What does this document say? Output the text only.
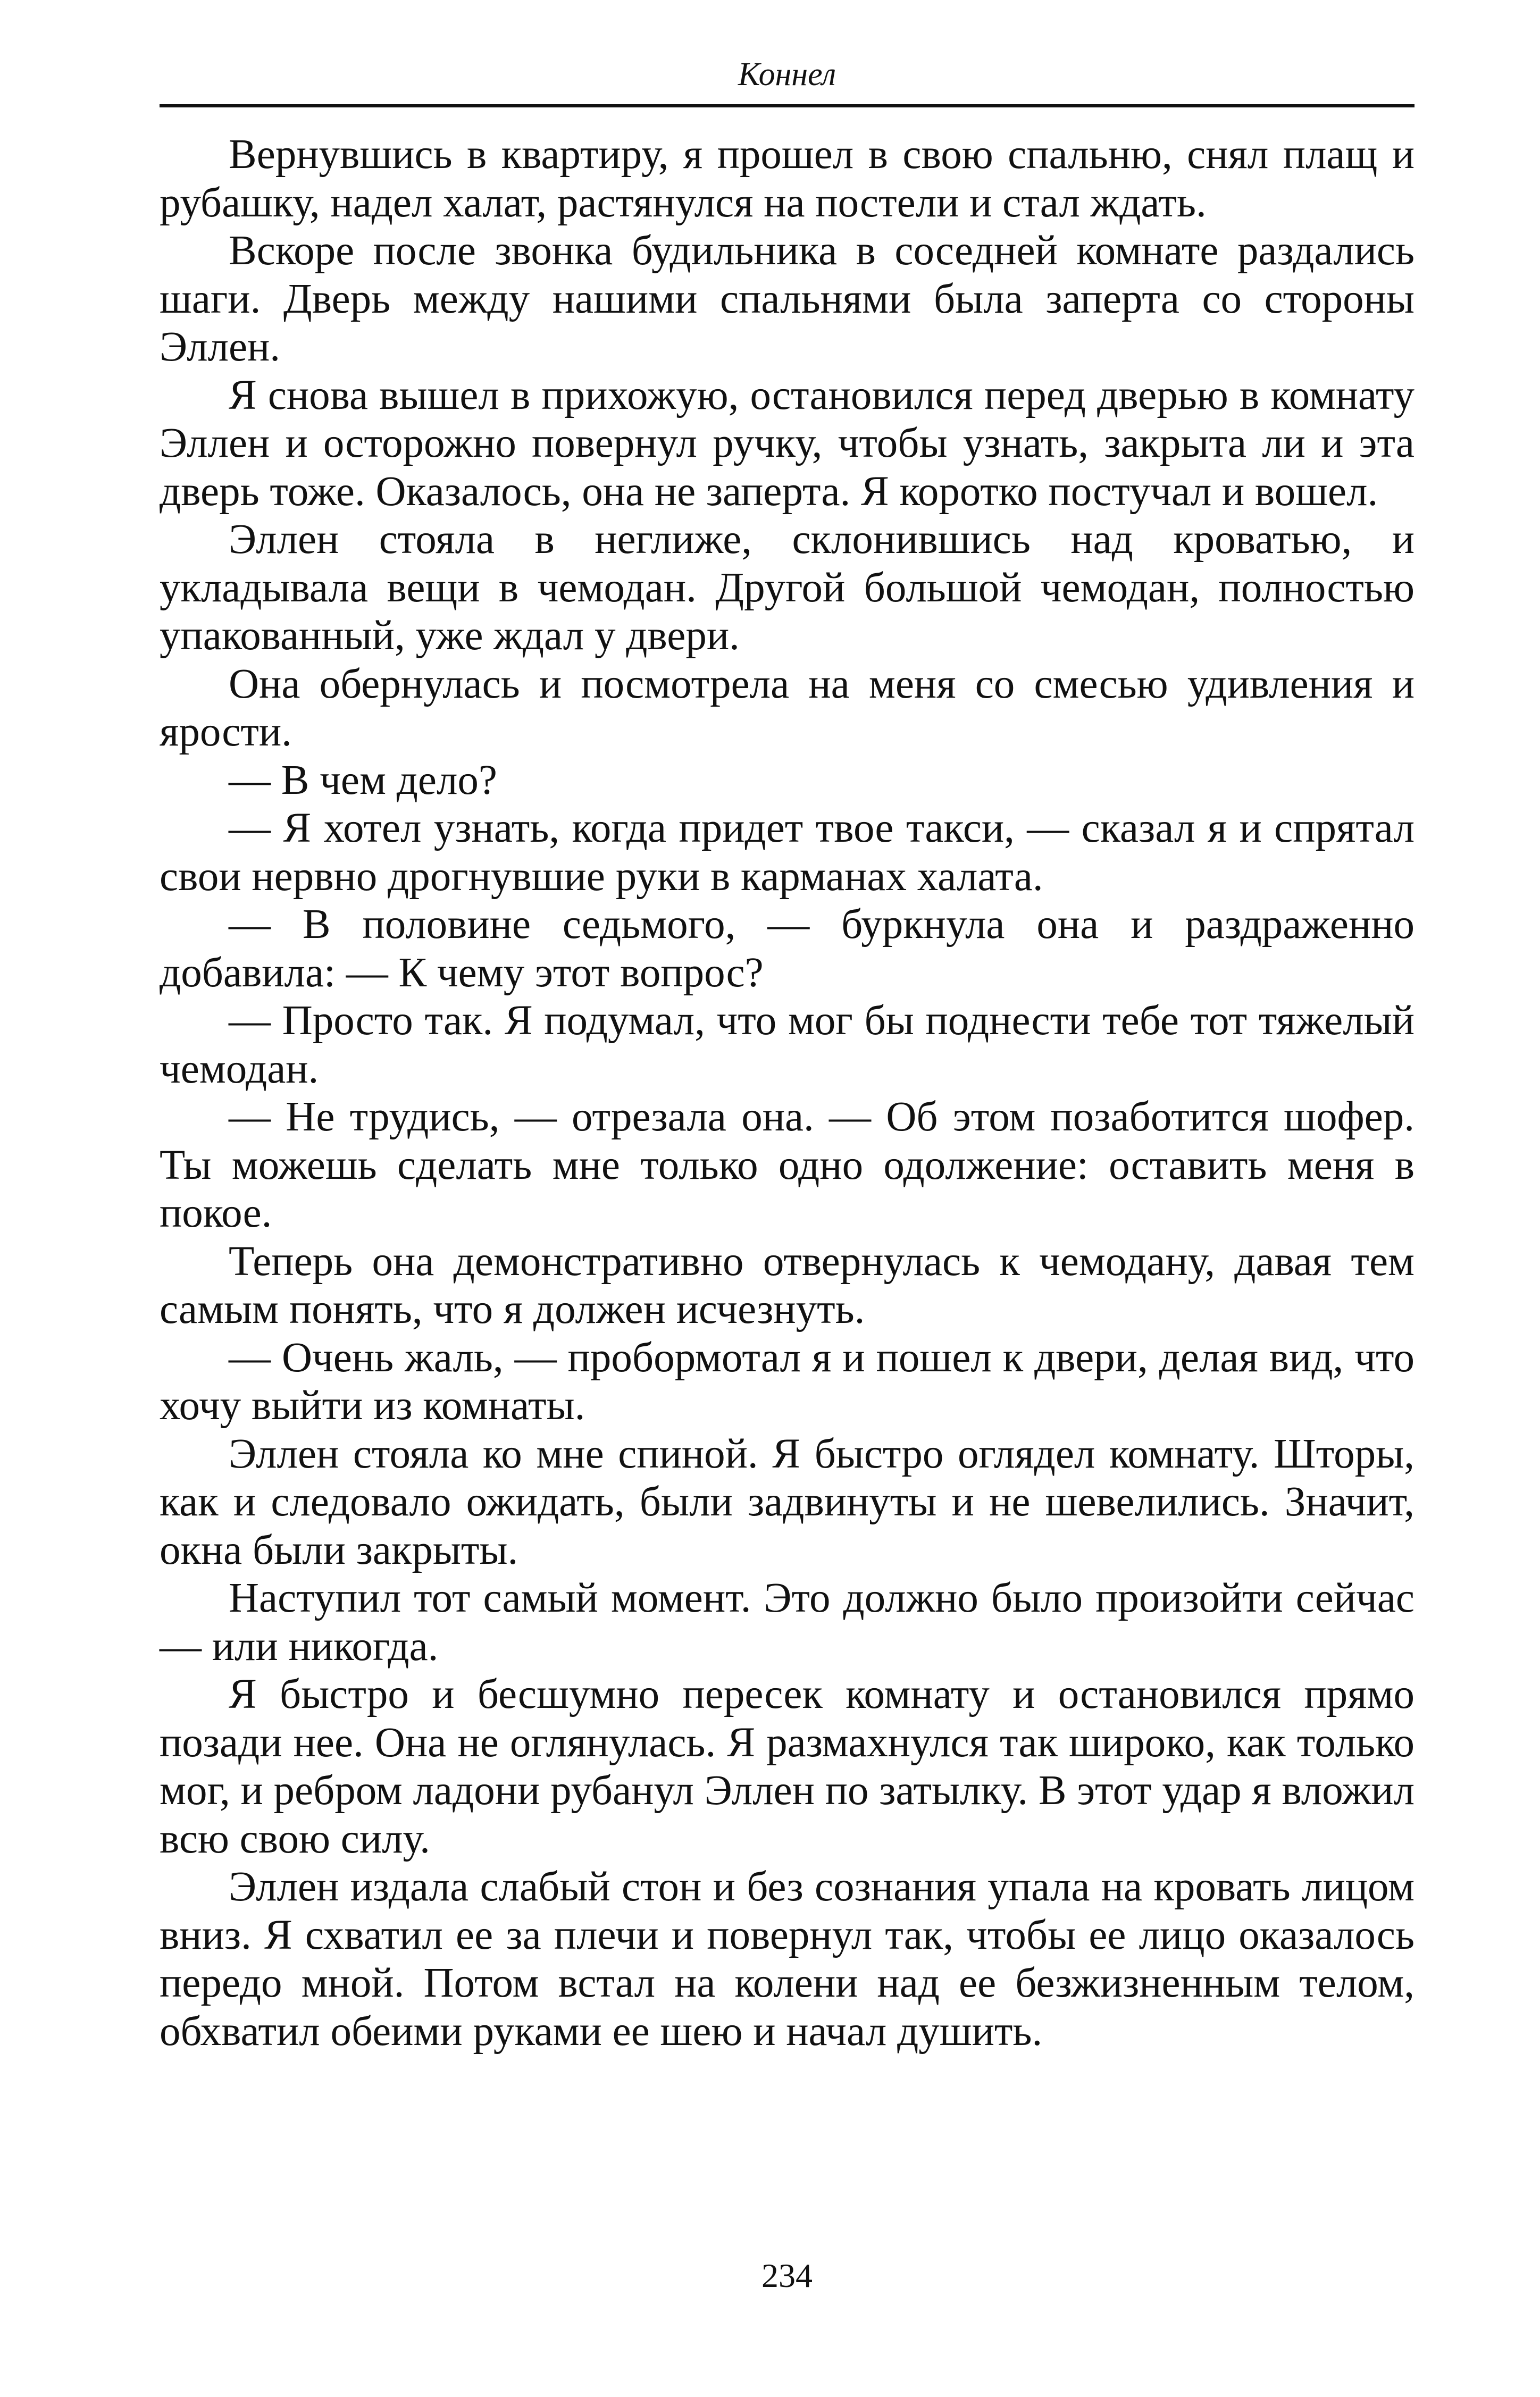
Коннел

Вернувшись в квартиру, я прошел в свою спальню, снял плащ и рубашку, надел халат, растянулся на постели и стал ждать.

Вскоре после звонка будильника в соседней комнате раздались шаги. Дверь между нашими спальнями была заперта со стороны Эллен.

Я снова вышел в прихожую, остановился перед дверью в комнату Эллен и осторожно повернул ручку, чтобы узнать, закрыта ли и эта дверь тоже. Оказалось, она не заперта. Я коротко постучал и вошел.

Эллен стояла в неглиже, склонившись над кроватью, и укладывала вещи в чемодан. Другой большой чемодан, полностью упакованный, уже ждал у двери.

Она обернулась и посмотрела на меня со смесью удивления и ярости.

— В чем дело?

— Я хотел узнать, когда придет твое такси, — сказал я и спрятал свои нервно дрогнувшие руки в карманах халата.

— В половине седьмого, — буркнула она и раздраженно добавила: — К чему этот вопрос?

— Просто так. Я подумал, что мог бы поднести тебе тот тяжелый чемодан.

— Не трудись, — отрезала она. — Об этом позаботится шофер. Ты можешь сделать мне только одно одолжение: оставить меня в покое.

Теперь она демонстративно отвернулась к чемодану, давая тем самым понять, что я должен исчезнуть.

— Очень жаль, — пробормотал я и пошел к двери, делая вид, что хочу выйти из комнаты.

Эллен стояла ко мне спиной. Я быстро оглядел комнату. Шторы, как и следовало ожидать, были задвинуты и не шевелились. Значит, окна были закрыты.

Наступил тот самый момент. Это должно было произойти сейчас — или никогда.

Я быстро и бесшумно пересек комнату и остановился прямо позади нее. Она не оглянулась. Я размахнулся так широко, как только мог, и ребром ладони рубанул Эллен по затылку. В этот удар я вложил всю свою силу.

Эллен издала слабый стон и без сознания упала на кровать лицом вниз. Я схватил ее за плечи и повернул так, чтобы ее лицо оказалось передо мной. Потом встал на колени над ее безжизненным телом, обхватил обеими руками ее шею и начал душить.

234
